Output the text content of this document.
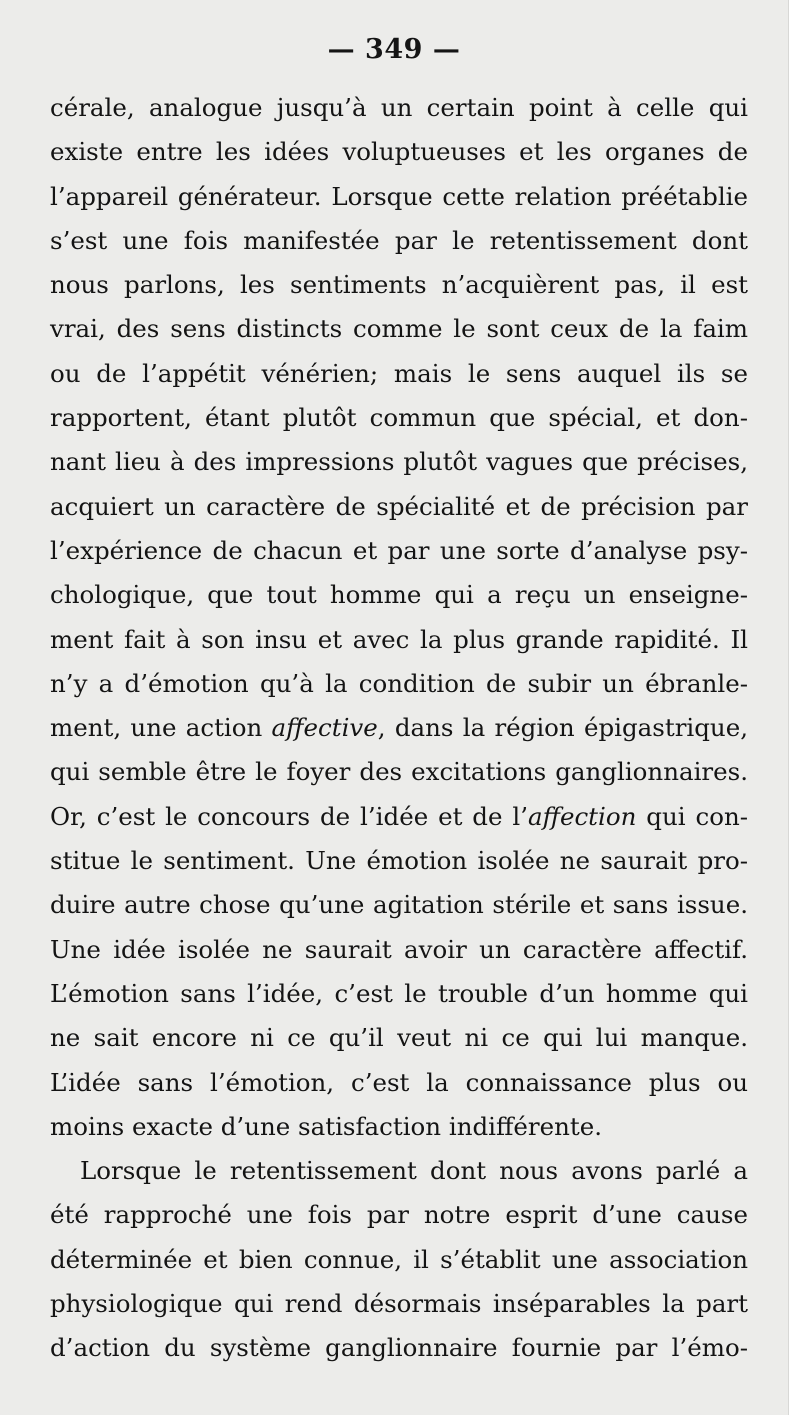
— 349 —
cérale, analogue jusqu’à un certain point à celle qui
existe entre les idées voluptueuses et les organes de
l’appareil générateur. Lorsque cette relation préétablie
s’est une fois manifestée par le retentissement dont
nous parlons, les sentiments n’acquièrent pas, il est
vrai, des sens distincts comme le sont ceux de la faim
ou de l’appétit vénérien; mais le sens auquel ils se
rapportent, étant plutôt commun que spécial, et don-
nant lieu à des impressions plutôt vagues que précises,
acquiert un caractère de spécialité et de précision par
l’expérience de chacun et par une sorte d’analyse psy-
chologique, que tout homme qui a reçu un enseigne-
ment fait à son insu et avec la plus grande rapidité. Il
n’y a d’émotion qu’à la condition de subir un ébranle-
ment, une action affective, dans la région épigastrique,
qui semble être le foyer des excitations ganglionnaires.
Or, c’est le concours de l’idée et de l’affection qui con-
stitue le sentiment. Une émotion isolée ne saurait pro-
duire autre chose qu’une agitation stérile et sans issue.
Une idée isolée ne saurait avoir un caractère affectif.
L’émotion sans l’idée, c’est le trouble d’un homme qui
ne sait encore ni ce qu’il veut ni ce qui lui manque.
L’idée sans l’émotion, c’est la connaissance plus ou
moins exacte d’une satisfaction indifférente.
Lorsque le retentissement dont nous avons parlé a
été rapproché une fois par notre esprit d’une cause
déterminée et bien connue, il s’établit une association
physiologique qui rend désormais inséparables la part
d’action du système ganglionnaire fournie par l’émo-
